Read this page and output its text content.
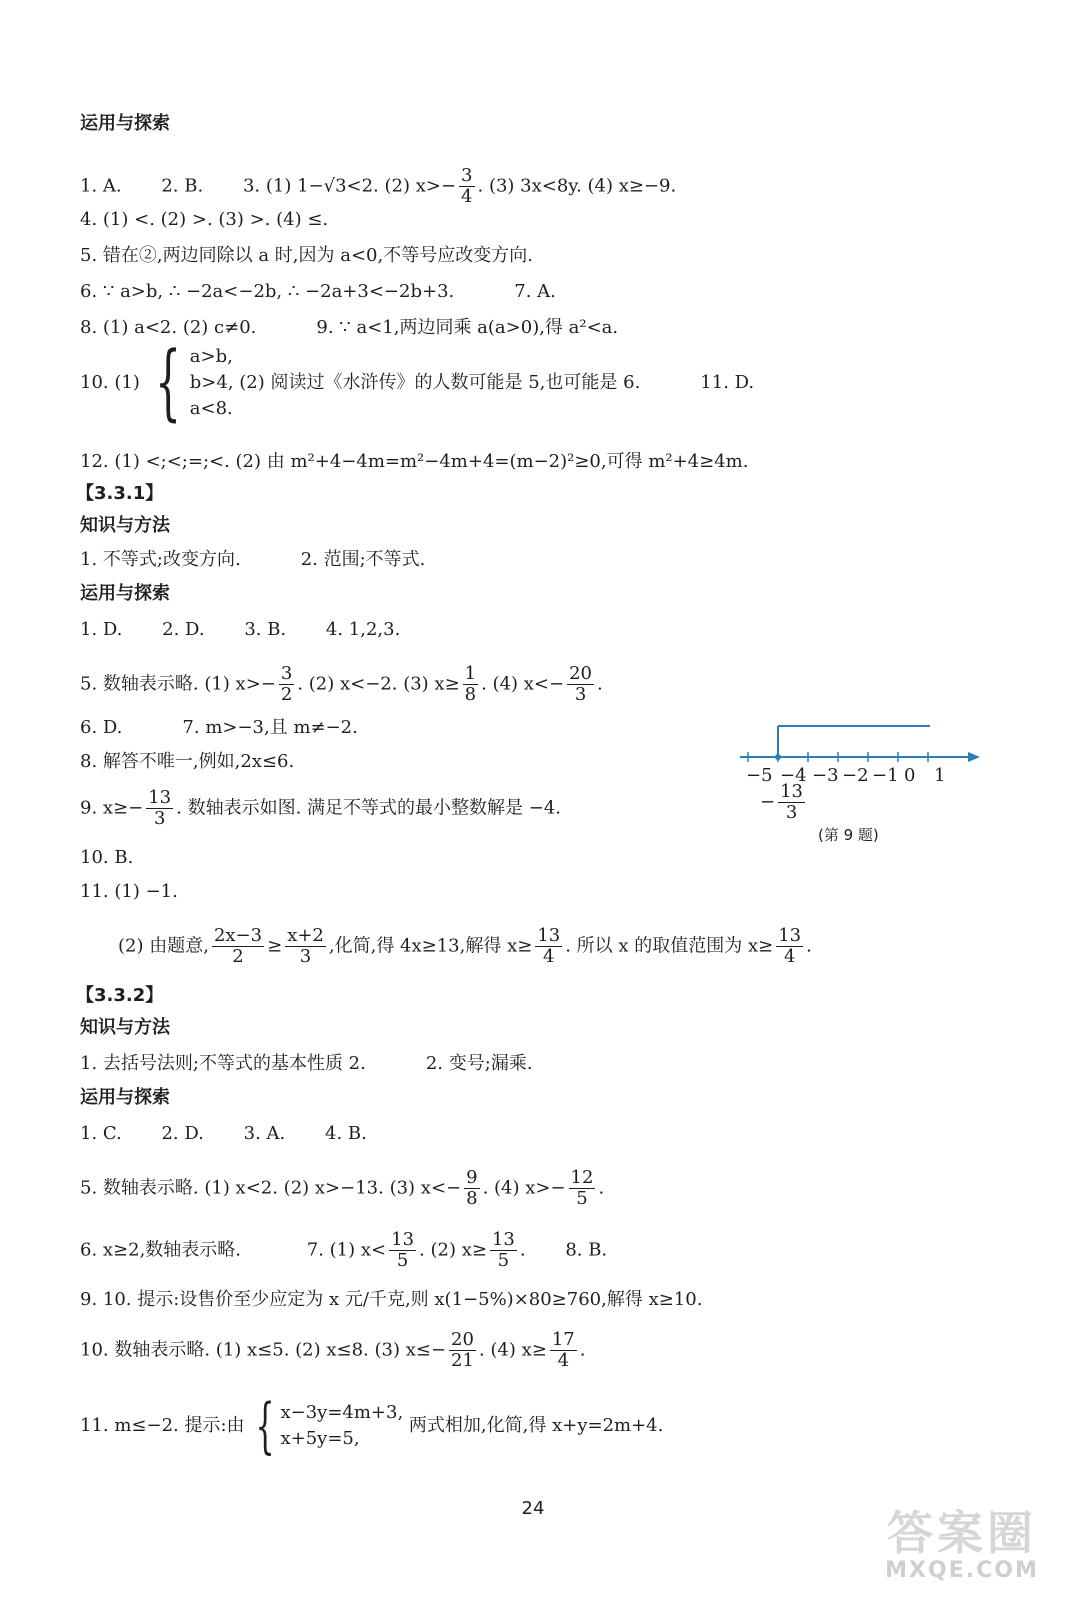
运用与探索
1. A. 2. B. 3. (1) 1−√3<2. (2) $x>- \frac{3}{4}$ . (3) 3x<8y. (4) x≥−9.
4. (1) <. (2) >. (3) >. (4) ≤.
5. 错在②,两边同除以 a 时,因为 a<0,不等号应改变方向.
6. ∵ a>b, ∴ −2a<−2b, ∴ −2a+3<−2b+3.	7. A.
8. (1) a<2. (2) c≠0.	9. ∵ a<1,两边同乘 a(a>0),得 a²<a.
10. (1) { a>b,
b>4,
a<8.
(2) 阅读过《水浒传》的人数可能是 5,也可能是 6.	11. D.
12. (1) <;<;=;<. (2) 由 m²+4−4m=m²−4m+4=(m−2)²≥0,可得 m²+4≥4m.
【3.3.1】
知识与方法
1. 不等式;改变方向.	2. 范围;不等式.
运用与探索
1. D. 2. D. 3. B. 4. 1,2,3.
5. 数轴表示略. (1) $x>- \frac{3}{2}$ . (2) x<−2. (3) $x\ge \frac{1}{8}$ . (4) $x<- \frac{20}{3}$ .
6. D.	7. m>−3,且 m≠−2.
8. 解答不唯一,例如,2x≤6.
9. $x\ge- \frac{13}{3}$ . 数轴表示如图. 满足不等式的最小整数解是 −4.
−5 −4 −3 −2 −1 0 1
− $\frac{13}{3}$
(第 9 题)
10. B.
11. (1) −1.
(2) 由题意, $\frac{2x-3}{2} \ge \frac{x+2}{3}$ ,化简,得 4x≥13,解得 $x\ge \frac{13}{4}$ . 所以 x 的取值范围为 $x\ge \frac{13}{4}$ .
【3.3.2】
知识与方法
1. 去括号法则;不等式的基本性质 2.	2. 变号;漏乘.
运用与探索
1. C. 2. D. 3. A. 4. B.
5. 数轴表示略. (1) x<2. (2) x>−13. (3) $x<- \frac{9}{8}$ . (4) $x>- \frac{12}{5}$ .
6. x≥2,数轴表示略.	7. (1) $x< \frac{13}{5}$ . (2) $x\ge \frac{13}{5}$ . 8. B.
9. 10. 提示:设售价至少应定为 x 元/千克,则 x(1−5%)×80≥760,解得 x≥10.
10. 数轴表示略. (1) x≤5. (2) x≤8. (3) $x\le- \frac{20}{21}$ . (4) $x\ge \frac{17}{4}$ .
11. m≤−2. 提示:由 { x−3y=4m+3,
x+5y=5,
两式相加,化简,得 x+y=2m+4.
24	答案圈
MXQE.COM
